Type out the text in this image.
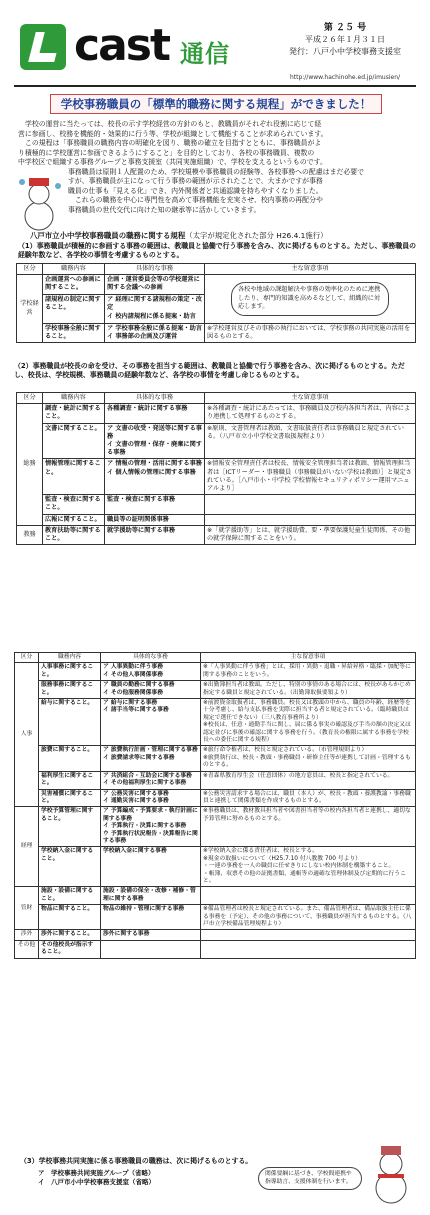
cast 通信
第 ２５ 号
平成２６年１月３１日
発行：八戸小中学校事務支援室
http://www.hachinohe.ed.jp/imusien/
学校事務職員の「標準的職務に関する規程」ができました！
学校の運営に当たっては、校長の示す学校経営の方針のもと、教職員がそれぞれ役割に応じて経
営に参画し、校務を機能的・効果的に行う等、学校が組織として機能することが求められています。
この規程は「事務職員の職務内容の明確化を図り、職務の確立を目指すとともに、事務職員がよ
り積極的に学校運営に参画できるようにすること」を目的としており、各校の事務職員、複数の
中学校区で組織する事務グループと事務支援室（共同実施組織）で、学校を支えるというものです。
事務職員は原則１人配置のため、学校規模や事務職員の経験等、各校事務への配慮はまだ必要で
すが、事務職員が主になって行う事務の範囲が示されたことで、大まかですが事務
職員の仕事も「見える化」でき、内外関係者と共通認識を持ちやすくなりました。
これらの職務を中心に専門性を高めて事務機能を充実させ、校内事務の再配分や
事務職員の世代交代に向けた知の継承等に活かしていきます。
八戸市立小中学校事務職員の職務に関する規程（太字が規定化された部分 H26.4.1施行）
（1）事務職員が積極的に参画する事務の範囲は、教職員と協働で行う事務を含み、次に掲げるものとする。ただし、事務職員の経験年数など、各学校の事情を考慮するものとする。
区分	職務内容	具体的な事務	主な留意事項
学校経営	企画運営への参画に関すること。	企画・運営委員会等の学校運営に関する会議への参画	各校や地域の課題解決や事務の効率化のために連携したり、専門的知識を高めるなどして、組織的に対応します。

	諸規程の制定に関すること。	ア 経理に関する諸規程の策定・改定
イ 校内諸規程に係る提案・助言	
	学校事務全般に関すること。	ア 学校事務全般に係る提案・助言
イ 事務部の企画及び運営	※学校運営及びその事務の執行においては、学校事務の共同実施の活用を図るものとする。
（2）事務職員が校長の命を受け、その事務を担当する範囲は、教職員と協働で行う事務を含み、次に掲げるものとする。ただし、校長は、学校規模、事務職員の経験年数など、各学校の事情を考慮し命じるものとする。
区分	職務内容	具体的な事務	主な留意事項
総務	調査・統計に関すること。	各種調査・統計に関する事務	※各種調査・統計にあたっては、事務職員及び校内各担当者は、内容により連携して処理するものとする。
	文書に関すること。	ア 文書の收受・発送等に関する事務
イ 文書の管理・保存・廃棄に関する事務	※原則、文書管理者は教頭、文書取扱責任者は事務職員と規定されている。（八戸市立小中学校文書取扱規程より）
	情報管理に関すること。	ア 情報の管理・活用に関する事務
イ 個人情報の管理に関する事務	※情報安全管理責任者は校長、情報安全管理担当者は教頭、情報管理担当者は［ICTリーダー・事務職員（事務職員がいない学校は教頭）］と規定されている。［八戸市小・中学校 学校情報セキュリティポリシー運用マニュアルより］
	監査・検査に関すること。	監査・検査に関する事務	
	広報に関すること。	職員等の証明関係事務	
教務	教育扶助等に関すること。	就学援助等に関する事務	※「就学援助等」とは、就学援助費、要・準要保護児童生徒関係、その他の就学保障に関することをいう。
区分	職務内容	具体的な事務	主な留意事項
人事	人事事務に関すること。	ア 人事異動に伴う事務
イ その他人事関係事務	※「人事異動に伴う事務」とは、採用・異動・退職・昇給昇格・臨採・加配等に関する事務のことをいう。
	服務事務に関すること。	ア 職員の勤務に関する事務
イ その他服務関係事務	※出勤簿担当者は教頭。ただし、特別の事情のある場合には、校長があらかじめ指定する職員と規定されている。（出勤簿取扱要領より）
	給与に関すること。	ア 給与に関する事務
イ 諸手当等に関する事務	※前渡資金取扱者は、事務職員。校長又は教頭の中から、職員の年齢、経歴等を十分考慮し、給与支払事務を実際に担当する者と規定されている。（臨時職員は規定で選任できない）（三八教育事務所より）
※校長は、任意・通勤手当に関し、届に係る事実の確認及び手当の額の決定又は認定並びに事後の確認に関する事務を行う。（教育長の権限に属する事務を学校長への委任に関する規程）
	旅費に関すること。	ア 旅費執行計画・管理に関する事務
イ 旅費請求等に関する事務	※旅行命令権者は、校長と規定されている。（市管理規則より）
※旅費執行は、校長・教頭・事務職員・研修主任等が連携して計画・管理するものとする。
	福利厚生に関すること。	ア 共済組合・互助会に関する事務
イ その他福利厚生に関する事務	※青森県教育厚生会（任意団体）の地方窓員は、校長と指定されている。
	災害補償に関すること。	ア 公務災害に関する事務
イ 通勤災害に関する事務	※公務災害請求する場合には、職員（本人）が、校長・教頭・養護教諭・事務職員と連携して関係書類を作成するものとする。
経理	学校予算管理に関すること。	ア 予算編成・予算要求・執行計画に関する事務
イ 予算執行・決算に関する事務
ウ 予算執行状況報告・決算報告に関する事務	※事務職員は、教材教具担当者や図書担当者等の校内各担当者と連携し、適切な予算管理に努めるものとする。
	学校納入金に関すること。	学校納入金に関する事務	※学校納入金に係る責任者は、校長とする。
※現金の取扱いについて（H25.7.10 付八教教 700 号より）
・一連の事務を一人の職員に任せきりにしない校内体制を構築すること。
・帳簿、収票その他の証拠書類、通帳等の適確な管理体制及び定期的に行うこと。
管財	施設・設備に関すること。	施設・設備の保全・改修・補修・管理に関する事務	
	物品に関すること。	物品の維持・管理に関する事務	※備品管理者は校長と規定されている。また、備品管理者は、備品取扱主任に係る事務を（予定）、その他の事務について、事務職員が担当するものとする。（八戸市立学校備品管理規程より）
渉外	渉外に関すること。	渉外に関する事務	
その他	その他校長が指示すること。		
（3）学校事務共同実施に係る事務職員の職務は、次に掲げるものとする。
ア　学校事務共同実施グループ（省略）
イ　八戸市小中学校事務支援室（省略）
関係要綱に基づき、学校間連携や指導助言、支援体制を行います。
